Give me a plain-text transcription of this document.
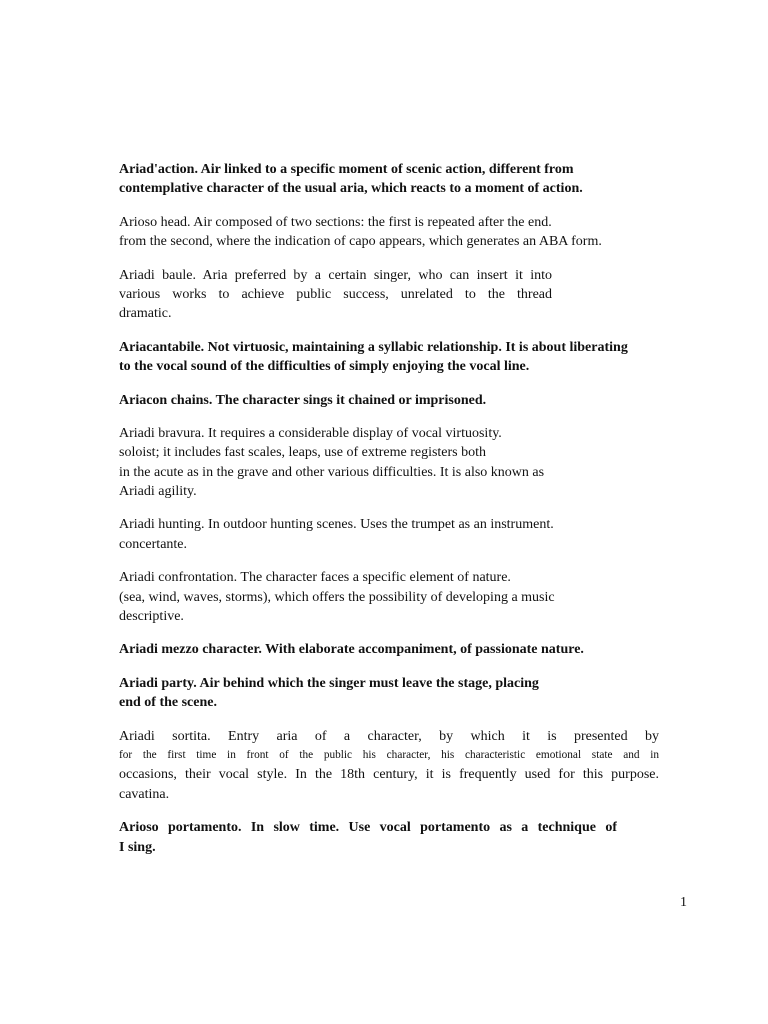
Ariad'action. Air linked to a specific moment of scenic action, different from
contemplative character of the usual aria, which reacts to a moment of action.
Arioso head. Air composed of two sections: the first is repeated after the end.
from the second, where the indication of capo appears, which generates an ABA form.
Ariadi baule. Aria preferred by a certain singer, who can insert it into
various works to achieve public success, unrelated to the thread
dramatic.
Ariacantabile. Not virtuosic, maintaining a syllabic relationship. It is about liberating
to the vocal sound of the difficulties of simply enjoying the vocal line.
Ariacon chains. The character sings it chained or imprisoned.
Ariadi bravura. It requires a considerable display of vocal virtuosity.
soloist; it includes fast scales, leaps, use of extreme registers both
in the acute as in the grave and other various difficulties. It is also known as
Ariadi agility.
Ariadi hunting. In outdoor hunting scenes. Uses the trumpet as an instrument.
concertante.
Ariadi confrontation. The character faces a specific element of nature.
(sea, wind, waves, storms), which offers the possibility of developing a music
descriptive.
Ariadi mezzo character. With elaborate accompaniment, of passionate nature.
Ariadi party. Air behind which the singer must leave the stage, placing
end of the scene.
Ariadi sortita. Entry aria of a character, by which it is presented by
for the first time in front of the public his character, his characteristic emotional state and in
occasions, their vocal style. In the 18th century, it is frequently used for this purpose.
cavatina.
Arioso portamento. In slow time. Use vocal portamento as a technique of
I sing.
1
